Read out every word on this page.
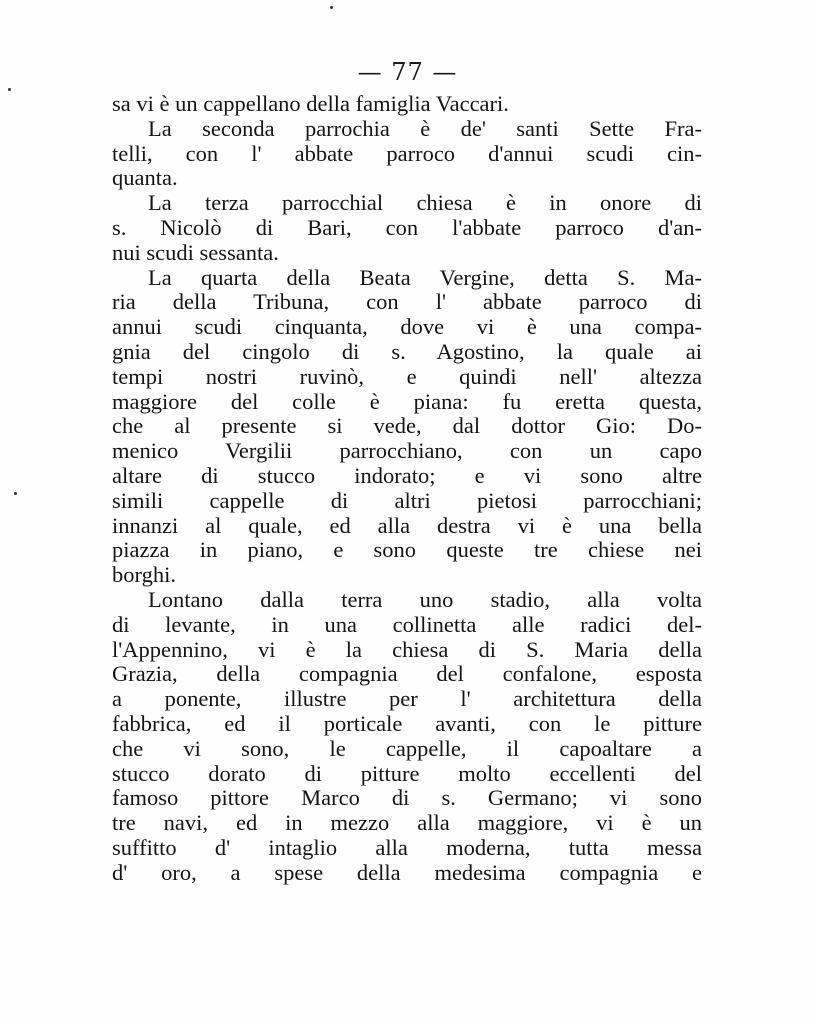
— 77 —
sa vi è un cappellano della famiglia Vaccari.
La seconda parrochia è de' santi Sette Fra-
telli, con l' abbate parroco d'annui scudi cin-
quanta.
La terza parrocchial chiesa è in onore di
s. Nicolò di Bari, con l'abbate parroco d'an-
nui scudi sessanta.
La quarta della Beata Vergine, detta S. Ma-
ria della Tribuna, con l' abbate parroco di
annui scudi cinquanta, dove vi è una compa-
gnia del cingolo di s. Agostino, la quale ai
tempi nostri ruvinò, e quindi nell' altezza
maggiore del colle è piana: fu eretta questa,
che al presente si vede, dal dottor Gio: Do-
menico Vergilii parrocchiano, con un capo
altare di stucco indorato; e vi sono altre
simili cappelle di altri pietosi parrocchiani;
innanzi al quale, ed alla destra vi è una bella
piazza in piano, e sono queste tre chiese nei
borghi.
Lontano dalla terra uno stadio, alla volta
di levante, in una collinetta alle radici del-
l'Appennino, vi è la chiesa di S. Maria della
Grazia, della compagnia del confalone, esposta
a ponente, illustre per l' architettura della
fabbrica, ed il porticale avanti, con le pitture
che vi sono, le cappelle, il capoaltare a
stucco dorato di pitture molto eccellenti del
famoso pittore Marco di s. Germano; vi sono
tre navi, ed in mezzo alla maggiore, vi è un
suffitto d' intaglio alla moderna, tutta messa
d' oro, a spese della medesima compagnia e
